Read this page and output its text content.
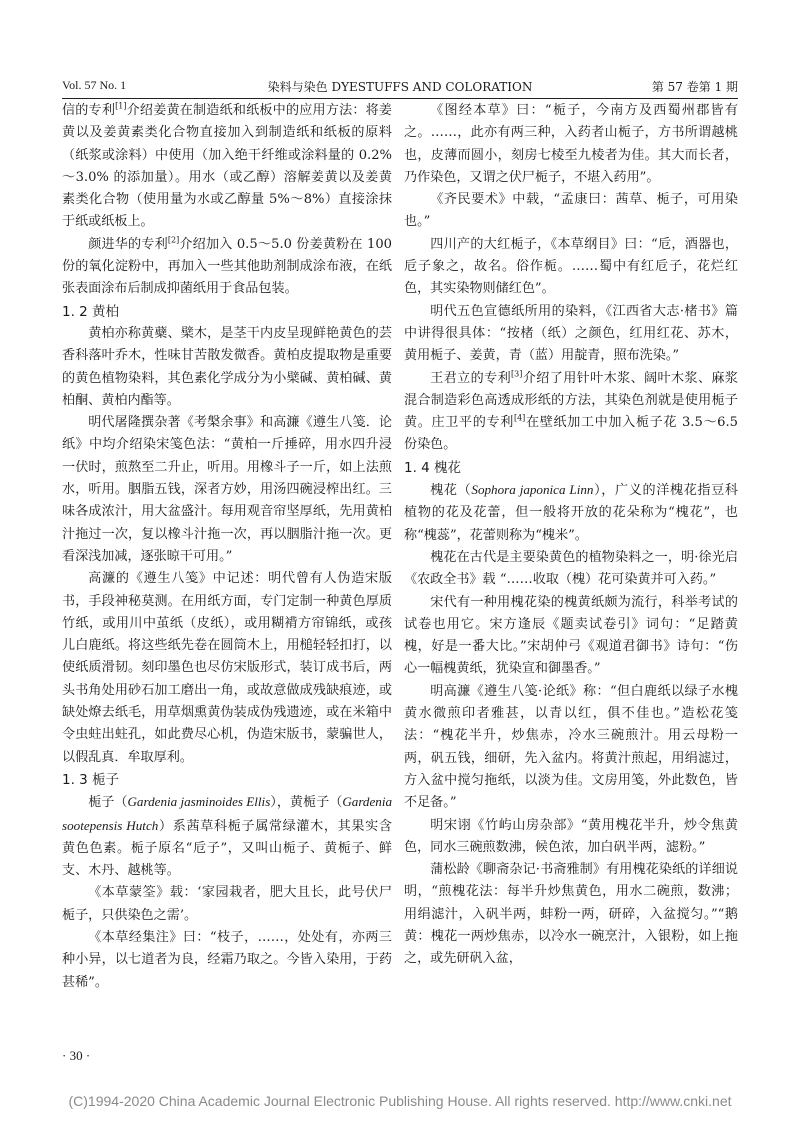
Vol. 57 No. 1	染料与染色 DYESTUFFS AND COLORATION	第 57 卷第 1 期

信的专利[1]介绍姜黄在制造纸和纸板中的应用方法：将姜黄以及姜黄素类化合物直接加入到制造纸和纸板的原料（纸浆或涂料）中使用（加入绝干纤维或涂料量的 0.2%～3.0% 的添加量）。用水（或乙醇）溶解姜黄以及姜黄素类化合物（使用量为水或乙醇量 5%～8%）直接涂抹于纸或纸板上。

颜进华的专利[2]介绍加入 0.5～5.0 份姜黄粉在 100 份的氧化淀粉中，再加入一些其他助剂制成涂布液，在纸张表面涂布后制成抑菌纸用于食品包装。

1. 2 黄柏

黄柏亦称黄蘗、檗木，是茎干内皮呈现鲜艳黄色的芸香科落叶乔木，性味甘苦散发微香。黄柏皮提取物是重要的黄色植物染料，其色素化学成分为小檗碱、黄柏碱、黄柏酮、黄柏内酯等。

明代屠隆撰杂著《考槃余事》和高濂《遵生八笺．论纸》中均介绍染宋笺色法：“黄柏一斤捶碎，用水四升浸一伏时，煎熬至二升止，听用。用橡斗子一斤，如上法煎水，听用。胭脂五钱，深者方妙，用汤四碗浸榨出红。三味各成浓汁，用大盆盛汁。每用观音帘坚厚纸，先用黄柏汁拖过一次，复以橡斗汁拖一次，再以胭脂汁拖一次。更看深浅加减，逐张晾干可用。”

高濂的《遵生八笺》中记述：明代曾有人伪造宋版书，手段神秘莫测。在用纸方面，专门定制一种黄色厚质竹纸，或用川中茧纸（皮纸），或用糊褙方帘锦纸，或孩儿白鹿纸。将这些纸先卷在圆筒木上，用槌轻轻扣打，以使纸质滑韧。刻印墨色也尽仿宋版形式，装订成书后，两头书角处用砂石加工磨出一角，或故意做成残缺痕迹，或缺处燎去纸毛，用草烟熏黄伪装成伪残遗迹，或在米箱中令虫蛀出蛀孔，如此费尽心机，伪造宋版书，蒙骗世人，以假乱真．牟取厚利。

1. 3 栀子

栀子（Gardenia jasminoides Ellis），黄栀子（Gardenia sootepensis Hutch）系茜草科栀子属常绿灌木，其果实含黄色色素。栀子原名“卮子”，又叫山栀子、黄栀子、鲜支、木丹、越桃等。

《本草蒙筌》载：‘家园栽者，肥大且长，此号伏尸栀子，只供染色之需’。

《本草经集注》曰：“枝子，……，处处有，亦两三种小异，以七道者为良，经霜乃取之。今皆入染用，于药甚稀”。

《图经本草》曰：“栀子，今南方及西蜀州郡皆有之。……，此亦有两三种，入药者山栀子，方书所谓越桃也，皮薄而圆小，刻房七棱至九棱者为佳。其大而长者，乃作染色，又谓之伏尸栀子，不堪入药用”。

《齐民要术》中载，“孟康曰：茜草、栀子，可用染也。”

四川产的大红栀子，《本草纲目》曰：“卮，酒器也，卮子象之，故名。俗作栀。……蜀中有红卮子，花烂红色，其实染物则储红色”。

明代五色宣德纸所用的染料，《江西省大志·楮书》篇中讲得很具体：“按楮（纸）之颜色，红用红花、苏木，黄用栀子、姜黄，青（蓝）用靛青，照布洗染。”

王君立的专利[3]介绍了用针叶木浆、阔叶木浆、麻浆混合制造彩色高透成形纸的方法，其染色剂就是使用栀子黄。庄卫平的专利[4]在壁纸加工中加入栀子花 3.5～6.5 份染色。

1. 4 槐花

槐花（Sophora japonica Linn），广义的洋槐花指豆科植物的花及花蕾，但一般将开放的花朵称为“槐花”，也称“槐蕊”，花蕾则称为“槐米”。

槐花在古代是主要染黄色的植物染料之一，明·徐光启《农政全书》载 “……收取（槐）花可染黄并可入药。”

宋代有一种用槐花染的槐黄纸颇为流行，科举考试的试卷也用它。宋方逢辰《题卖试卷引》词句：“足踏黄槐，好是一番大比。”宋胡仲弓《观道君御书》诗句：“伤心一幅槐黄纸，犹染宣和御墨香。”

明高濂《遵生八笺·论纸》称：“但白鹿纸以绿子水槐黄水微煎印者雅甚，以青以红，俱不佳也。”造松花笺法：“槐花半升，炒焦赤，冷水三碗煎汁。用云母粉一两，矾五钱，细研，先入盆内。将黄汁煎起，用绢滤过，方入盆中搅匀拖纸，以淡为佳。文房用笺，外此数色，皆不足备。”

明宋诩《竹屿山房杂部》“黄用槐花半升，炒令焦黄色，同水三碗煎数沸，候色浓，加白矾半两，滤粉。”

蒲松龄《聊斋杂记·书斋雅制》有用槐花染纸的详细说明，“煎槐花法：每半升炒焦黄色，用水二碗煎，数沸；用绢滤汁，入矾半两，蚌粉一两，研碎，入盆搅匀。”“鹅黄：槐花一两炒焦赤，以冷水一碗烹汁，入银粉，如上拖之，或先研矾入盆，

· 30 ·
(C)1994-2020 China Academic Journal Electronic Publishing House. All rights reserved. http://www.cnki.net
